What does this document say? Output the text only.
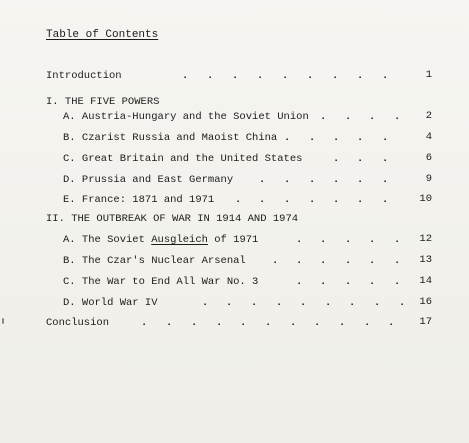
Table of Contents
Introduction	. . . . . . . . .	1
I. THE FIVE POWERS
A. Austria-Hungary and the Soviet Union . . . . 2
B. Czarist Russia and Maoist China . . . . .	4
C. Great Britain and the United States	. . .	6
D. Prussia and East Germany . . . . . .	9
E. France: 1871 and 1971 . . . . . . .	10
II. THE OUTBREAK OF WAR IN 1914 AND 1974
A. The Soviet Ausgleich of 1971	. . . . . 12
B. The Czar's Nuclear Arsenal	. . . . . . 13
C. The War to End All War No. 3	. . . . . 14
D. World War IV	. . . . . . . . . 16
Conclusion	. . . . . . . . . . . 17
